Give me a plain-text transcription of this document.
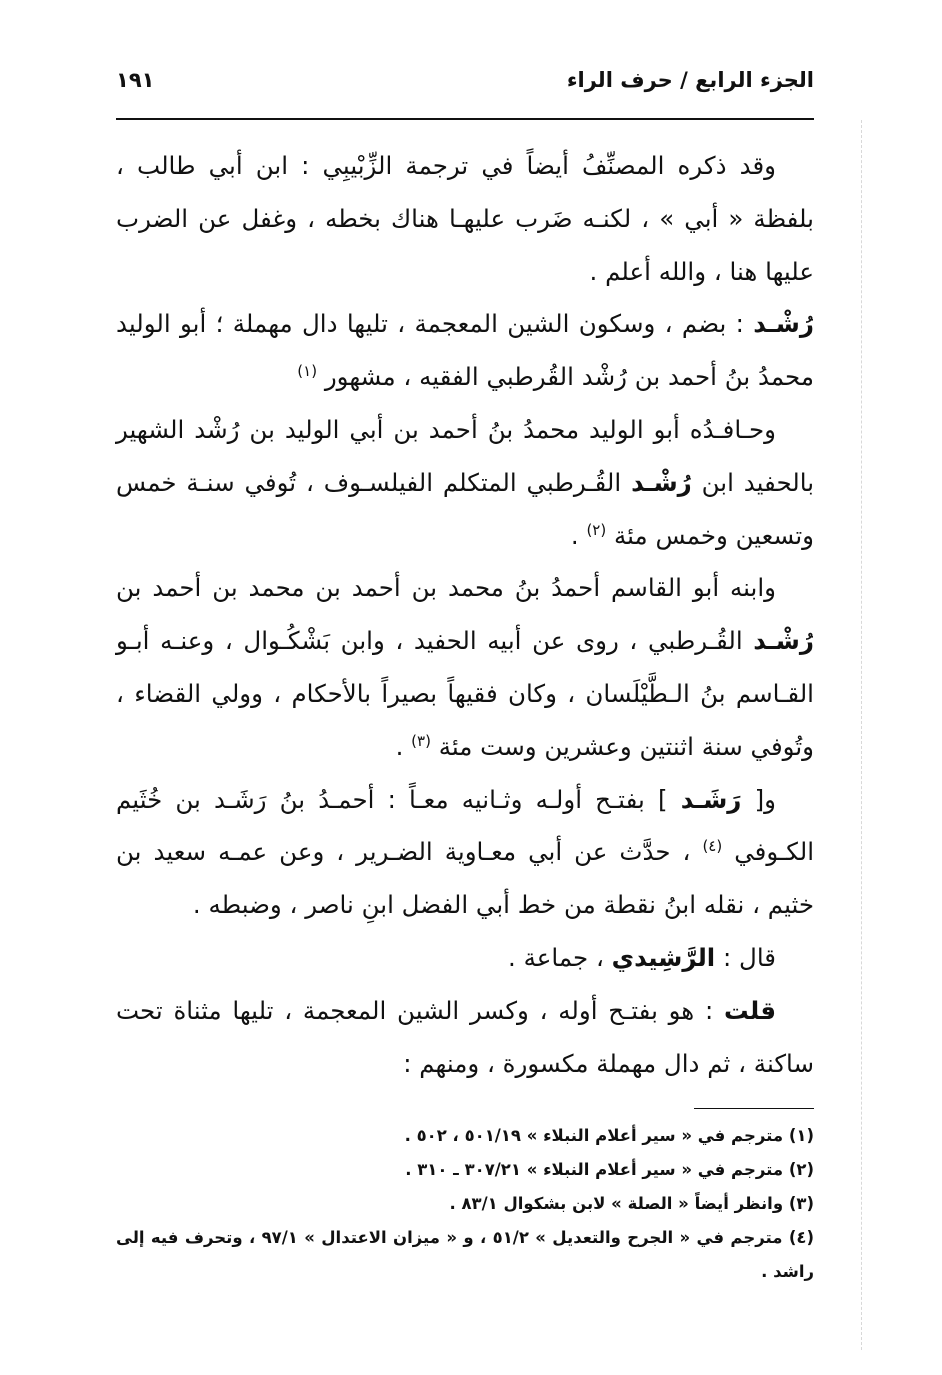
الجزء الرابع / حرف الراء
١٩١

وقد ذكره المصنِّفُ أيضاً في ترجمة الزِّبْيبِي : ابن أبي طالب ، بلفظة « أبي » ، لكنـه ضَرب عليهـا هناك بخطه ، وغفل عن الضرب عليها هنا ، والله أعلم .

رُشْـد : بضم ، وسكون الشين المعجمة ، تليها دال مهملة ؛ أبو الوليد محمدُ بنُ أحمد بن رُشْد القُرطبي الفقيه ، مشهور $^{(١)}$

وحـافـدُه أبو الوليد محمدُ بنُ أحمد بن أبي الوليد بن رُشْد الشهير بالحفيد ابن رُشْـد القُـرطبي المتكلم الفيلسـوف ، تُوفي سنـة خمس وتسعين وخمس مئة $^{(٢)}$ .

وابنه أبو القاسم أحمدُ بنُ محمد بن أحمد بن محمد بن أحمد بن رُشْـد القُـرطبي ، روى عن أبيه الحفيد ، وابن بَشْكُـوال ، وعنـه أبـو القـاسم بنُ الـطَّيْلَسان ، وكان فقيهاً بصيراً بالأحكام ، وولي القضاء ، وتُوفي سنة اثنتين وعشرين وست مئة $^{(٣)}$ .

و[ رَشَـد ] بفتـح أولـه وثـانيه معـاً : أحمـدُ بنُ رَشَـد بن خُثَيم الكـوفي $^{(٤)}$ ، حدَّث عن أبي معـاوية الضـرير ، وعن عمـه سعيد بن خثيم ، نقله ابنُ نقطة من خط أبي الفضل ابنِ ناصر ، وضبطه .

قال : الرَّشِيدي ، جماعة .

قلت : هو بفتـح أوله ، وكسر الشين المعجمة ، تليها مثناة تحت ساكنة ، ثم دال مهملة مكسورة ، ومنهم :

(١) مترجم في « سير أعلام النبلاء » ٥٠١/١٩ ، ٥٠٢ .

(٢) مترجم في « سير أعلام النبلاء » ٣٠٧/٢١ ـ ٣١٠ .

(٣) وانظر أيضاً « الصلة » لابن بشكوال ٨٣/١ .

(٤) مترجم في « الجرح والتعديل » ٥١/٢ ، و « ميزان الاعتدال » ٩٧/١ ، وتحرف فيه إلى راشد .
